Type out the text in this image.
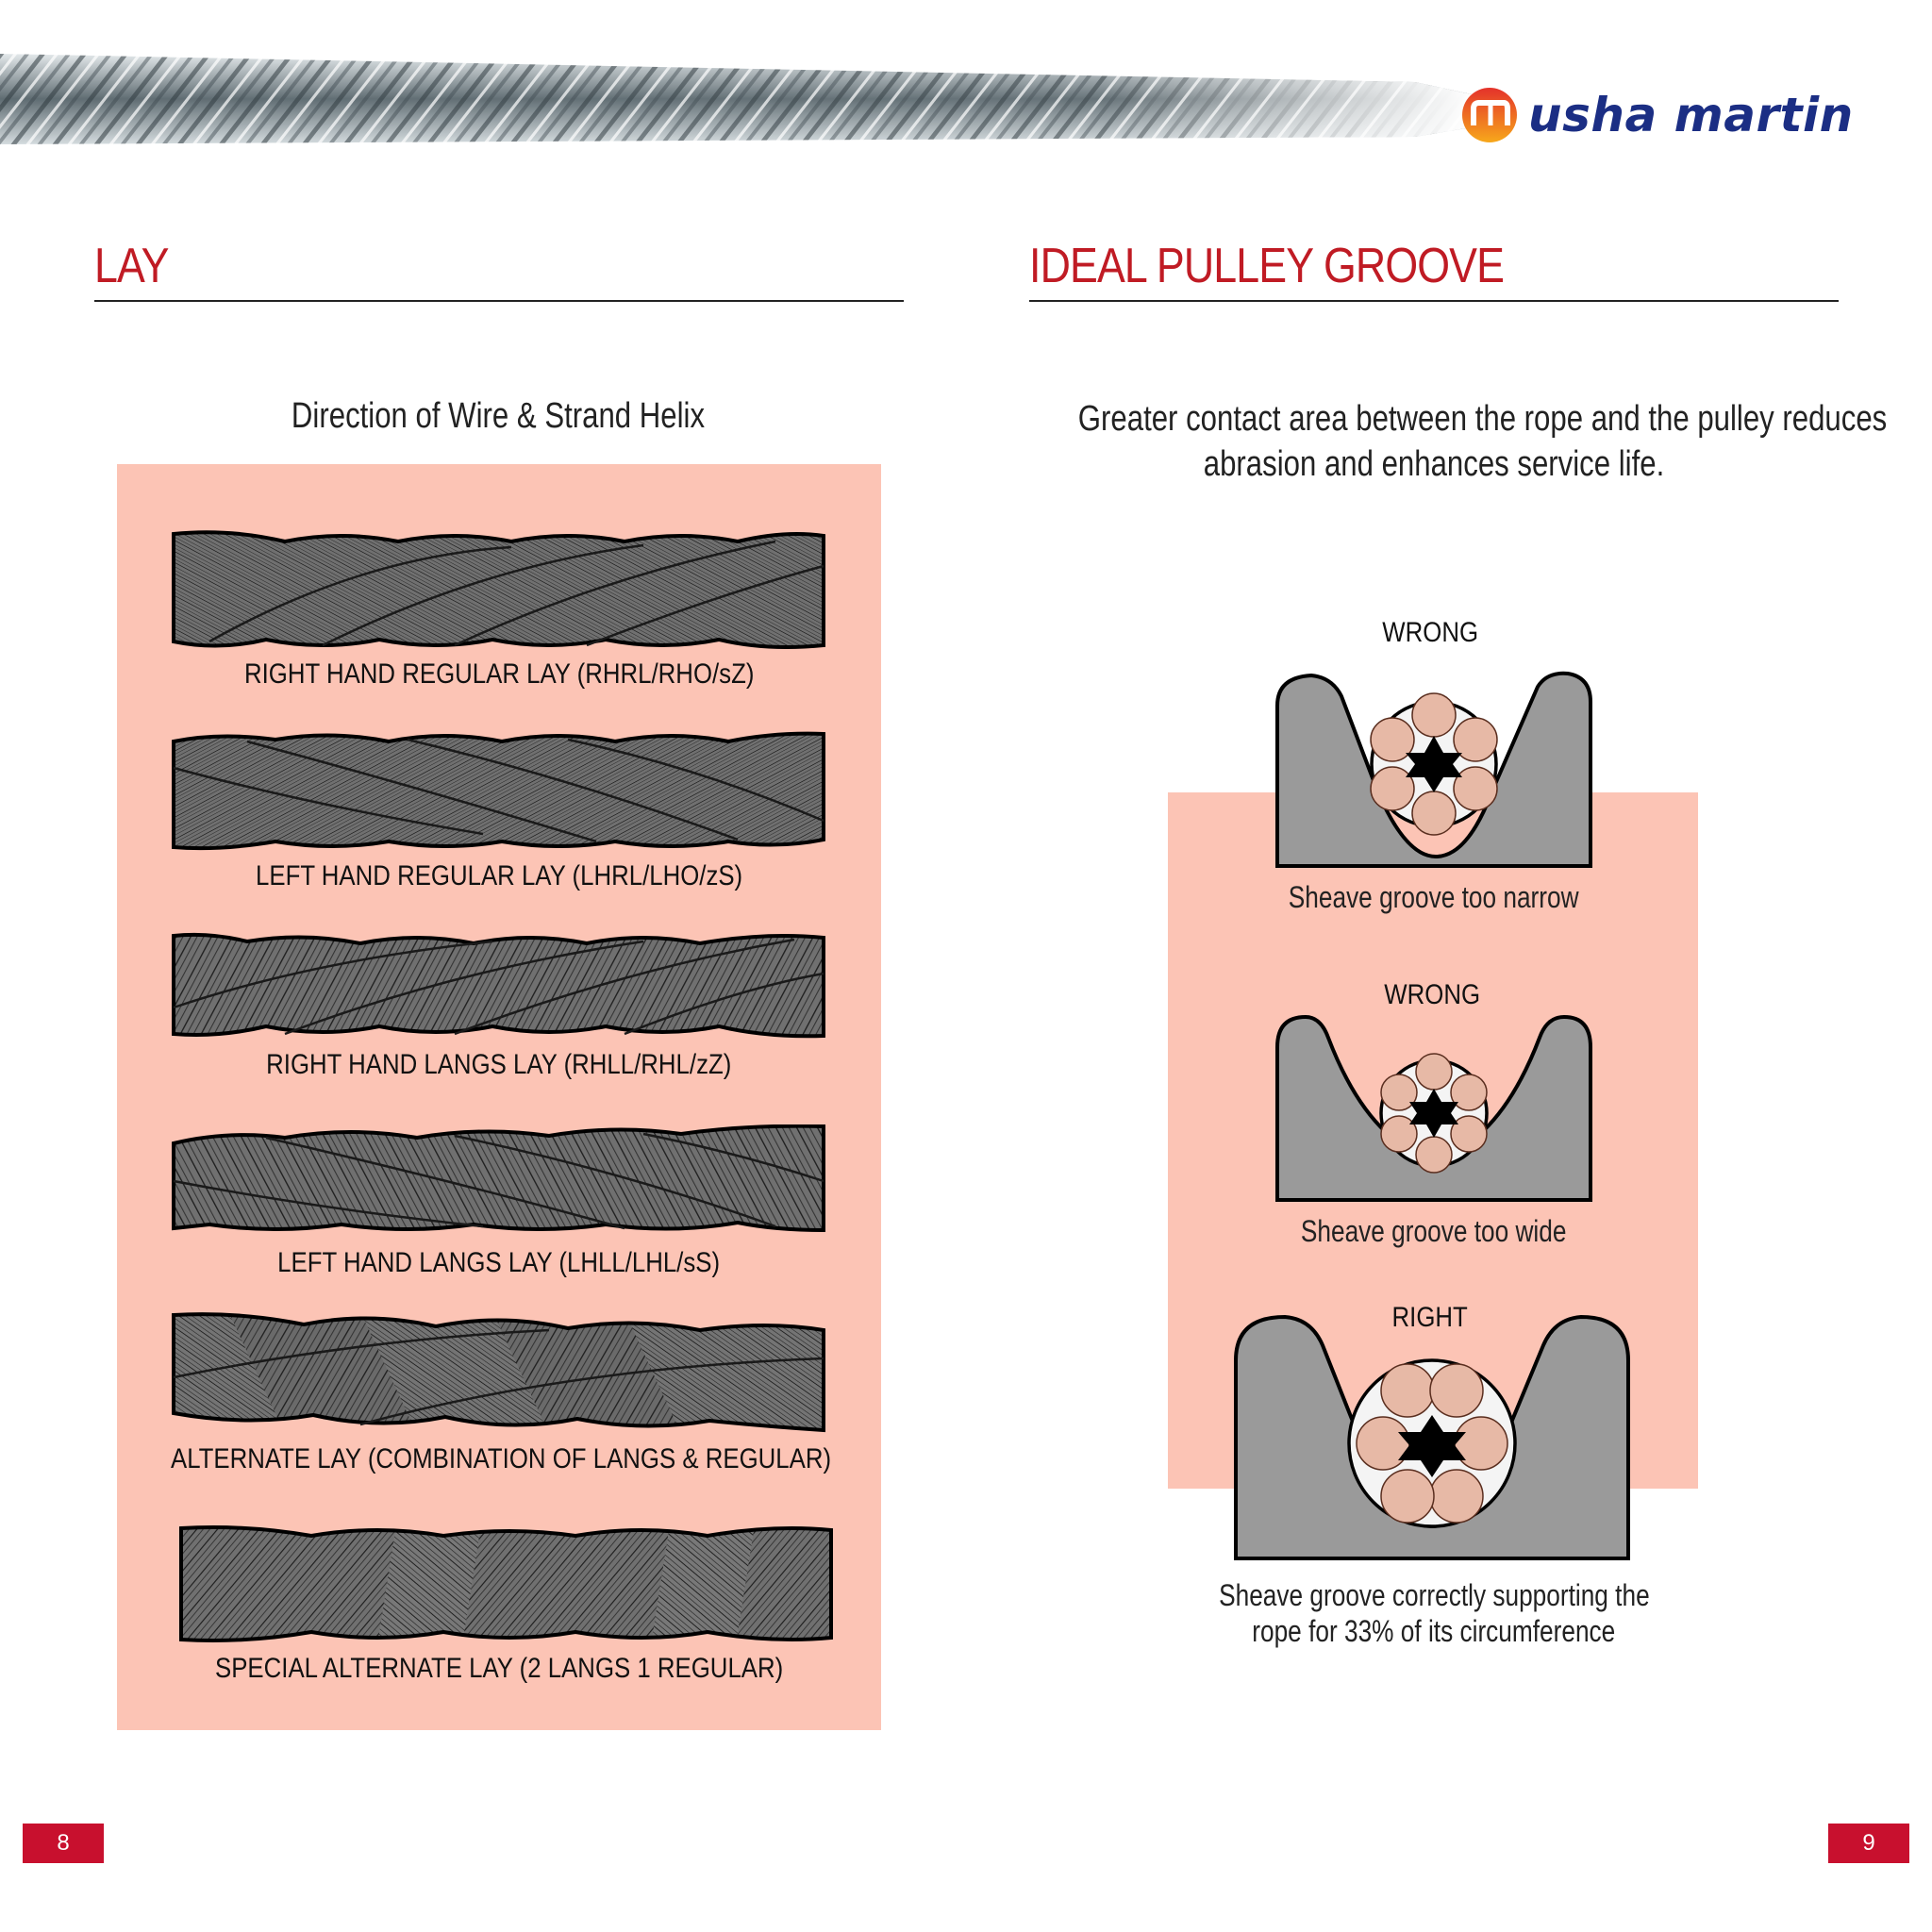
usha martin
LAY
Direction of Wire & Strand Helix
RIGHT HAND REGULAR LAY (RHRL/RHO/sZ)
LEFT HAND REGULAR LAY (LHRL/LHO/zS)
RIGHT HAND LANGS LAY (RHLL/RHL/zZ)
LEFT HAND LANGS LAY (LHLL/LHL/sS)
ALTERNATE LAY (COMBINATION OF LANGS & REGULAR)
SPECIAL ALTERNATE LAY (2 LANGS 1 REGULAR)
IDEAL PULLEY GROOVE
Greater contact area between the rope and the pulley reduces
abrasion and enhances service life.
WRONG
Sheave groove too narrow
WRONG
Sheave groove too wide
RIGHT
Sheave groove correctly supporting the
rope for 33% of its circumference
8	9
